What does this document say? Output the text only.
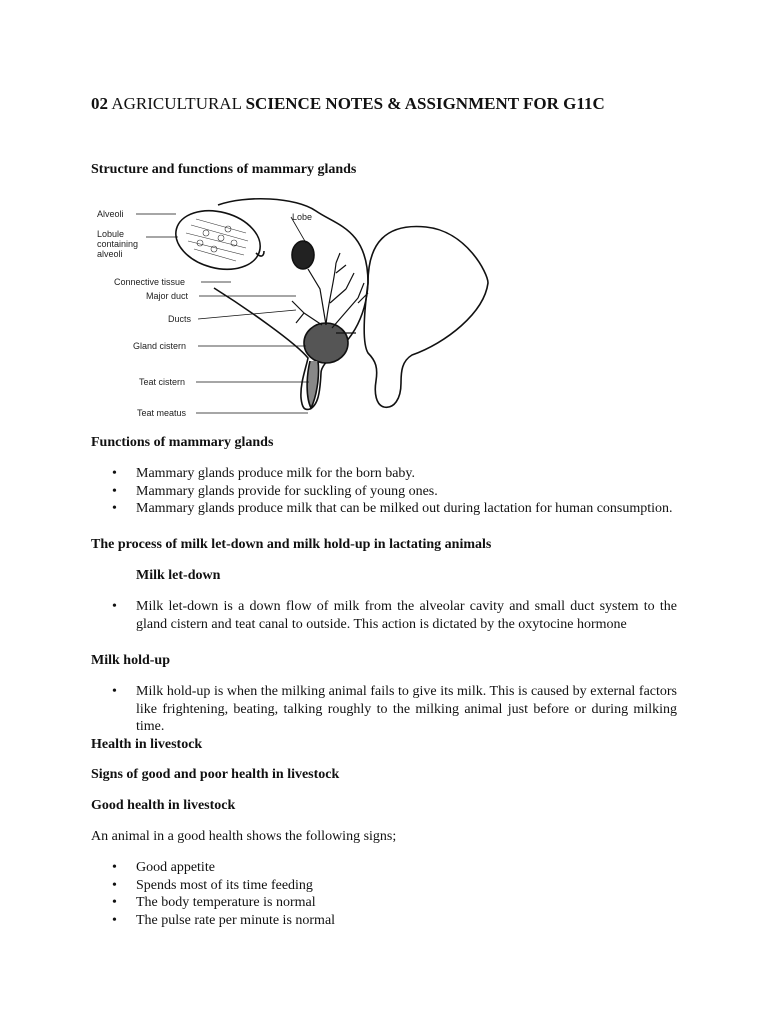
02 AGRICULTURAL SCIENCE NOTES & ASSIGNMENT FOR G11C
Structure and functions of mammary glands
Alveoli
Lobule
containing
alveoli
Connective tissue
Major duct
Ducts
Gland cistern
Teat cistern
Teat meatus
Lobe
Functions of mammary glands
• Mammary glands produce milk for the born baby.
• Mammary glands provide for suckling of young ones.
• Mammary glands produce milk that can be milked out during lactation for human consumption.
The process of milk let-down and milk hold-up in lactating animals
Milk let-down
• Milk let-down is a down flow of milk from the alveolar cavity and small duct system to the gland cistern and teat canal to outside. This action is dictated by the oxytocine hormone
Milk hold-up
• Milk hold-up is when the milking animal fails to give its milk. This is caused by external factors like frightening, beating, talking roughly to the milking animal just before or during milking time.
Health in livestock
Signs of good and poor health in livestock
Good health in livestock
An animal in a good health shows the following signs;
• Good appetite
• Spends most of its time feeding
• The body temperature is normal
• The pulse rate per minute is normal
